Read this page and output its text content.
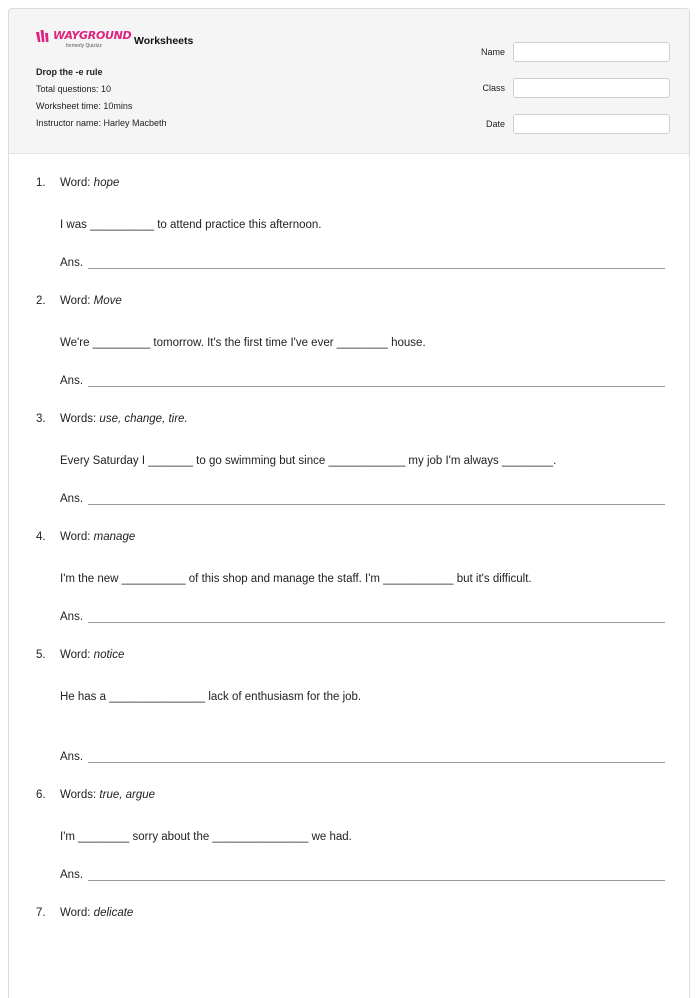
WAYGROUND
formerly Quizizz	Worksheets
Drop the -e rule
Total questions: 10
Worksheet time: 10mins
Instructor name: Harley Macbeth
Name
Class
Date
1.	Word: hope
I was __________ to attend practice this afternoon.
Ans.
2.	Word: Move
We're _________ tomorrow. It's the first time I've ever ________ house.
Ans.
3.	Words: use, change, tire.
Every Saturday I _______ to go swimming but since ____________ my job I'm always ________.
Ans.
4.	Word: manage
I'm the new __________ of this shop and manage the staff. I'm ___________ but it's difficult.
Ans.
5.	Word: notice
He has a _______________ lack of enthusiasm for the job.
Ans.
6.	Words: true, argue
I'm ________ sorry about the _______________ we had.
Ans.
7.	Word: delicate
